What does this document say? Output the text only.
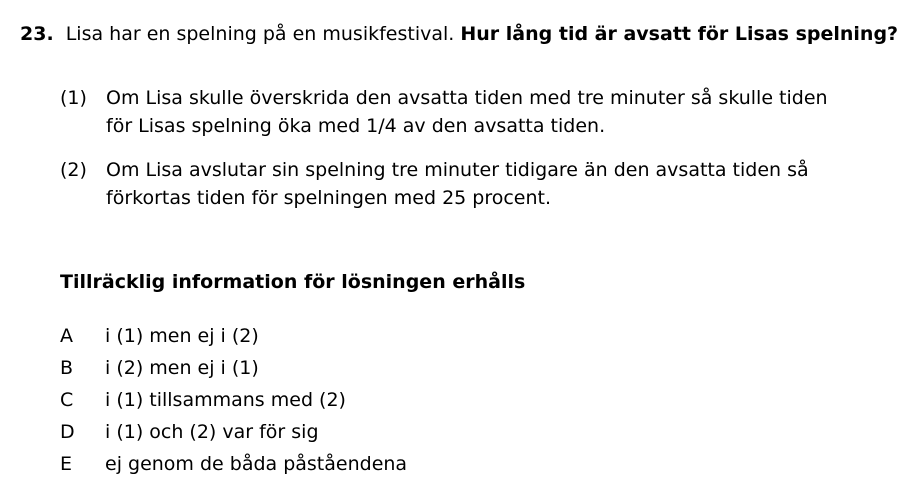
23. Lisa har en spelning på en musikfestival. Hur lång tid är avsatt för Lisas spelning?
(1) Om Lisa skulle överskrida den avsatta tiden med tre minuter så skulle tiden för Lisas spelning öka med 1/4 av den avsatta tiden.
(2) Om Lisa avslutar sin spelning tre minuter tidigare än den avsatta tiden så förkortas tiden för spelningen med 25 procent.
Tillräcklig information för lösningen erhålls
A i (1) men ej i (2)
B i (2) men ej i (1)
C i (1) tillsammans med (2)
D i (1) och (2) var för sig
E ej genom de båda påståendena
